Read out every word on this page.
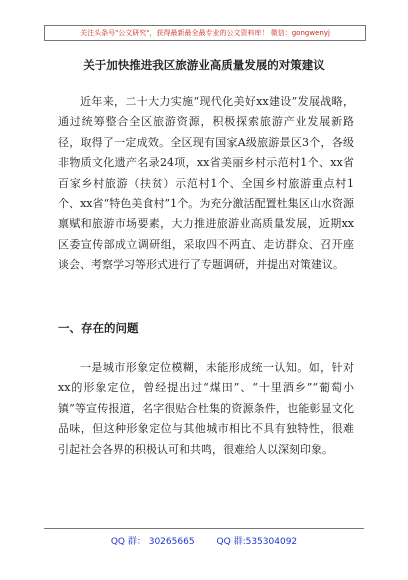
关注头条号"公文研究"，获得最新最全最专业的公文资料库！ 微信：gongwenyj
关于加快推进我区旅游业高质量发展的对策建议

近年来，二十大力实施“现代化美好xx建设”发展战略，通过统筹整合全区旅游资源，积极探索旅游产业发展新路径，取得了一定成效。全区现有国家A级旅游景区3个，各级非物质文化遗产名录24项，xx省美丽乡村示范村1个、xx省百家乡村旅游（扶贫）示范村1个、全国乡村旅游重点村1个、xx省“特色美食村”1个。为充分激活配置杜集区山水资源禀赋和旅游市场要素，大力推进旅游业高质量发展，近期xx区委宣传部成立调研组，采取四不两直、走访群众、召开座谈会、考察学习等形式进行了专题调研，并提出对策建议。

一、存在的问题

一是城市形象定位模糊，未能形成统一认知。如，针对xx的形象定位，曾经提出过“煤田”、“十里酒乡”“葡萄小镇”等宣传报道，名字很贴合杜集的资源条件，也能彰显文化品味，但这种形象定位与其他城市相比不具有独特性，很难引起社会各界的积极认可和共鸣，很难给人以深刻印象。

QQ 群： 30265665 QQ 群:535304092
